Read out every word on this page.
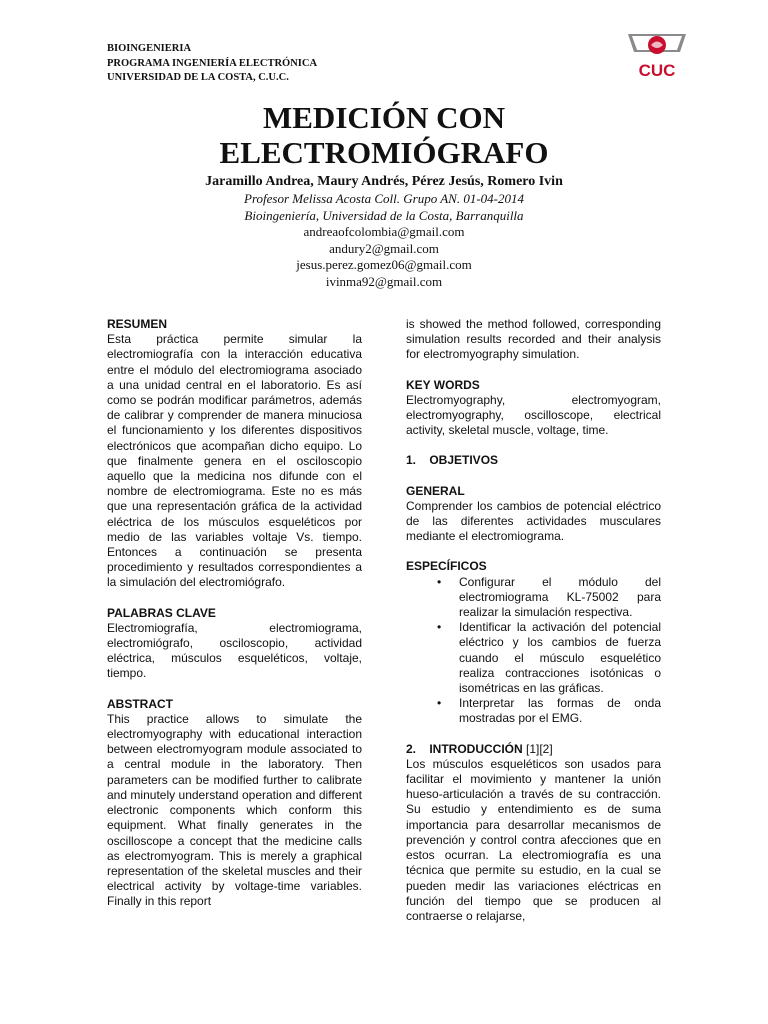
BIOINGENIERIA
PROGRAMA INGENIERÍA ELECTRÓNICA
UNIVERSIDAD DE LA COSTA, C.U.C.	CUC
MEDICIÓN CON
ELECTROMIÓGRAFO
Jaramillo Andrea, Maury Andrés, Pérez Jesús, Romero Ivin
Profesor Melissa Acosta Coll. Grupo AN. 01-04-2014
Bioingeniería, Universidad de la Costa, Barranquilla
andreaofcolombia@gmail.com
andury2@gmail.com
jesus.perez.gomez06@gmail.com
ivinma92@gmail.com

RESUMEN

Esta práctica permite simular la electromiografía con la interacción educativa entre el módulo del electromiograma asociado a una unidad central en el laboratorio. Es así como se podrán modificar parámetros, además de calibrar y comprender de manera minuciosa el funcionamiento y los diferentes dispositivos electrónicos que acompañan dicho equipo. Lo que finalmente genera en el osciloscopio aquello que la medicina nos difunde con el nombre de electromiograma. Este no es más que una representación gráfica de la actividad eléctrica de los músculos esqueléticos por medio de las variables voltaje Vs. tiempo. Entonces a continuación se presenta procedimiento y resultados correspondientes a la simulación del electromiógrafo.

PALABRAS CLAVE

Electromiografía, electromiograma, electromiógrafo, osciloscopio, actividad eléctrica, músculos esqueléticos, voltaje, tiempo.

ABSTRACT

This practice allows to simulate the electromyography with educational interaction between electromyogram module associated to a central module in the laboratory. Then parameters can be modified further to calibrate and minutely understand operation and different electronic components which conform this equipment. What finally generates in the oscilloscope a concept that the medicine calls as electromyogram. This is merely a graphical representation of the skeletal muscles and their electrical activity by voltage-time variables. Finally in this report

is showed the method followed, corresponding simulation results recorded and their analysis for electromyography simulation.

KEY WORDS

Electromyography, electromyogram, electromyography, oscilloscope, electrical activity, skeletal muscle, voltage, time.

1.    OBJETIVOS

GENERAL

Comprender los cambios de potencial eléctrico de las diferentes actividades musculares mediante el electromiograma.

ESPECÍFICOS

• Configurar el módulo del electromiograma KL-75002 para realizar la simulación respectiva.
• Identificar la activación del potencial eléctrico y los cambios de fuerza cuando el músculo esquelético realiza contracciones isotónicas o isométricas en las gráficas.
• Interpretar las formas de onda mostradas por el EMG.

2.    INTRODUCCIÓN [1][2]

Los músculos esqueléticos son usados para facilitar el movimiento y mantener la unión hueso-articulación a través de su contracción. Su estudio y entendimiento es de suma importancia para desarrollar mecanismos de prevención y control contra afecciones que en estos ocurran. La electromiografía es una técnica que permite su estudio, en la cual se pueden medir las variaciones eléctricas en función del tiempo que se producen al contraerse o relajarse,
